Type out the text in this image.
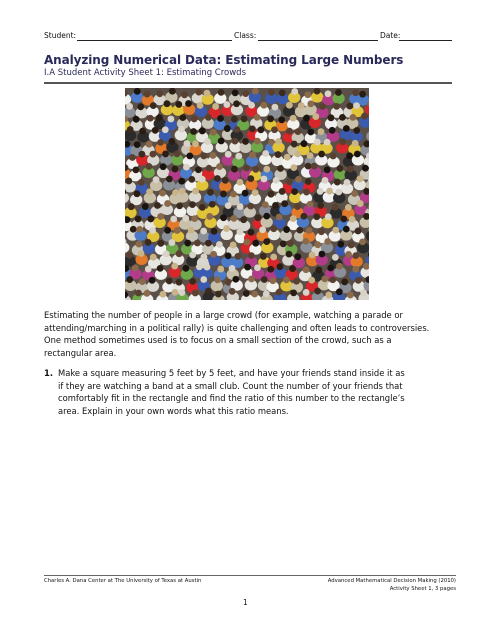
Student:	Class:	Date:
Analyzing Numerical Data: Estimating Large Numbers
I.A Student Activity Sheet 1: Estimating Crowds

Estimating the number of people in a large crowd (for example, watching a parade or

attending/marching in a political rally) is quite challenging and often leads to controversies.

One method sometimes used is to focus on a small section of the crowd, such as a

rectangular area.

1. Make a square measuring 5 feet by 5 feet, and have your friends stand inside it as

if they are watching a band at a small club. Count the number of your friends that

comfortably fit in the rectangle and find the ratio of this number to the rectangle’s

area. Explain in your own words what this ratio means.

Charles A. Dana Center at The University of Texas at Austin	Advanced Mathematical Decision Making (2010)
Activity Sheet 1, 3 pages
1
